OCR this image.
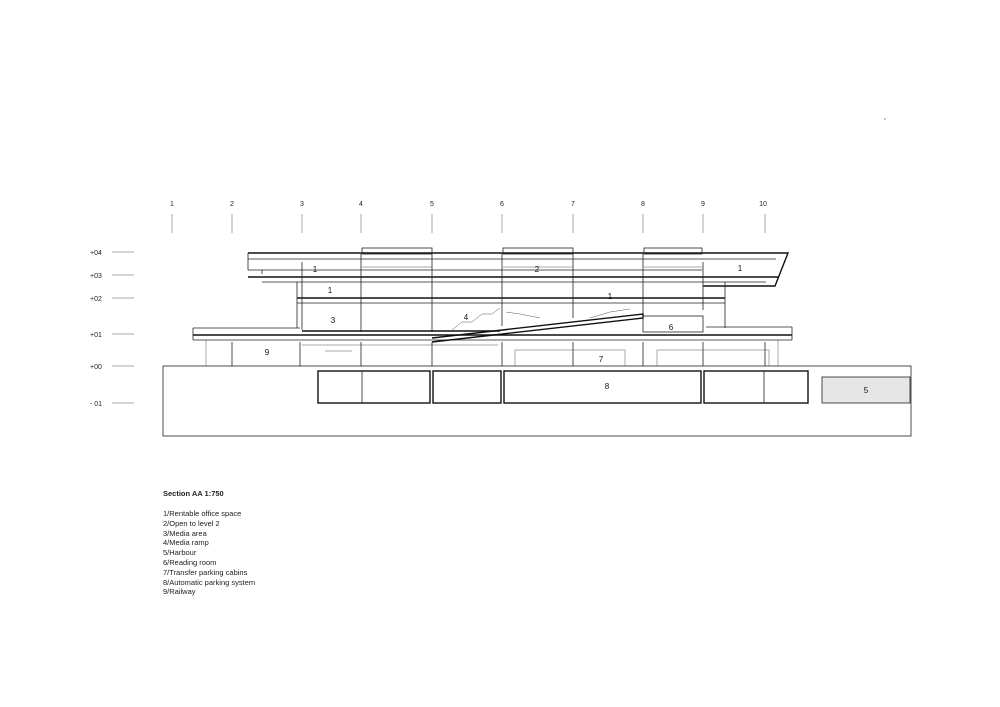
1	2	3	4	5	6	7	8	9	10
+04
+03
+02
+01
+00
- 01
1	2	1
1
1
3	4
6
9
7
8	5

Section AA 1:750

1/Rentable office space
2/Open to level 2
3/Media area
4/Media ramp
5/Harbour
6/Reading room
7/Transfer parking cabins
8/Automatic parking system
9/Railway
